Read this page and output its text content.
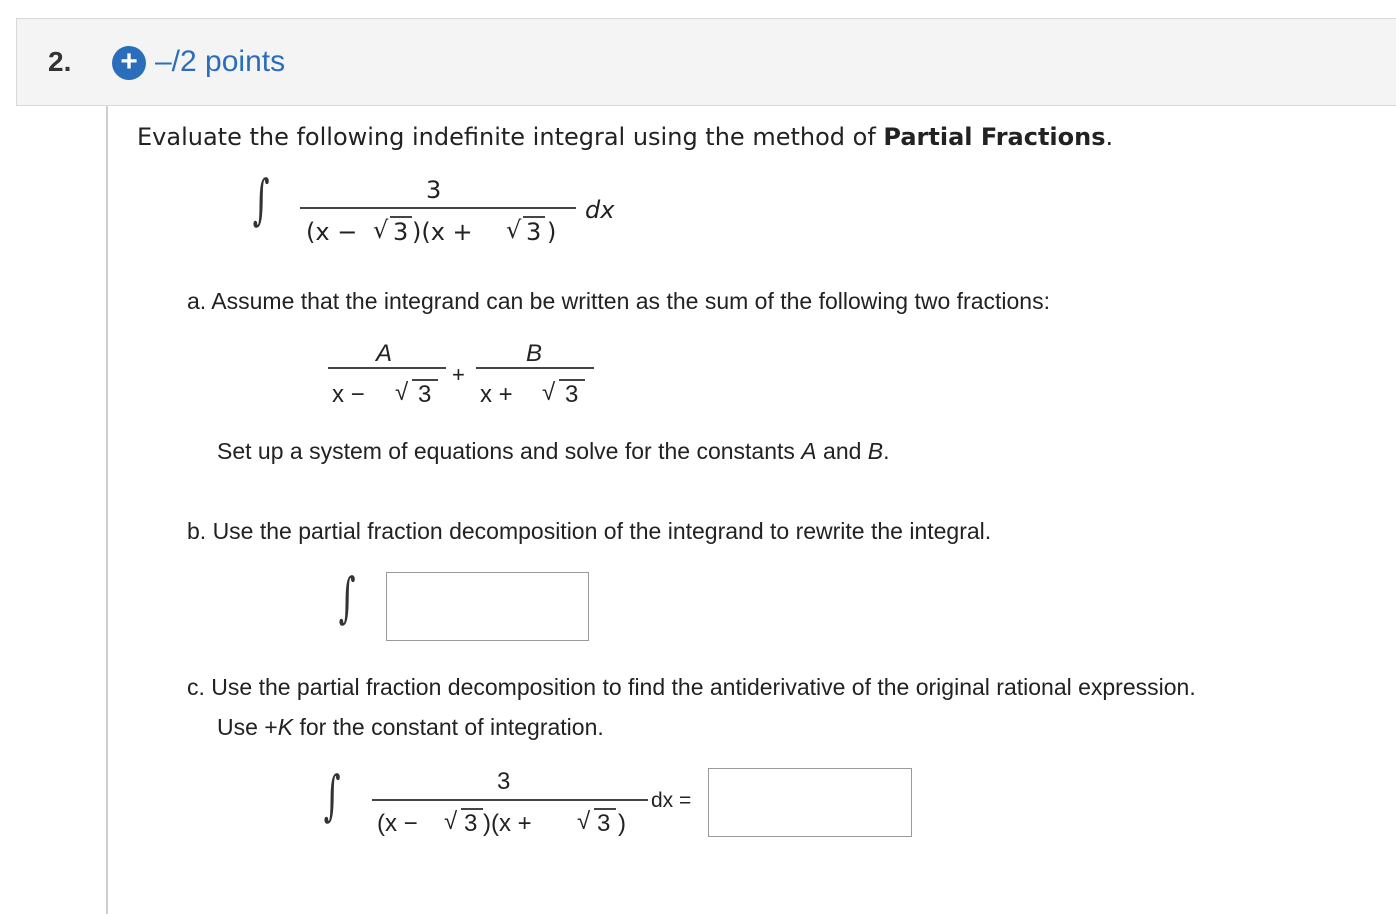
2. + –/2 points
Evaluate the following indefinite integral using the method of Partial Fractions.
∫	3
(x − √ 3 )(x + √ 3 )
dx
a. Assume that the integrand can be written as the sum of the following two fractions:
A
x − √ 3
+
B
x + √ 3
Set up a system of equations and solve for the constants A and B.
b. Use the partial fraction decomposition of the integrand to rewrite the integral.
∫
c. Use the partial fraction decomposition to find the antiderivative of the original rational expression.
Use +K for the constant of integration.
∫	3
(x − √ 3 )(x + √ 3 )
dx =
